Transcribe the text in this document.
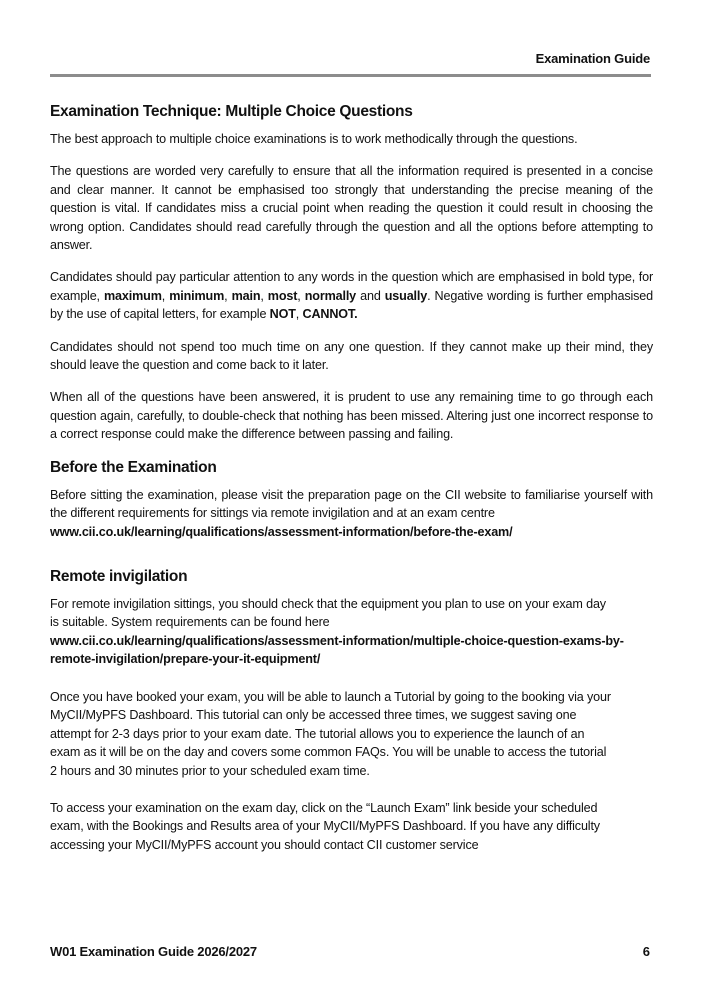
Examination Guide
Examination Technique: Multiple Choice Questions

The best approach to multiple choice examinations is to work methodically through the questions.

The questions are worded very carefully to ensure that all the information required is presented in a concise and clear manner. It cannot be emphasised too strongly that understanding the precise meaning of the question is vital. If candidates miss a crucial point when reading the question it could result in choosing the wrong option. Candidates should read carefully through the question and all the options before attempting to answer.

Candidates should pay particular attention to any words in the question which are emphasised in bold type, for example, maximum, minimum, main, most, normally and usually. Negative wording is further emphasised by the use of capital letters, for example NOT, CANNOT.

Candidates should not spend too much time on any one question. If they cannot make up their mind, they should leave the question and come back to it later.

When all of the questions have been answered, it is prudent to use any remaining time to go through each question again, carefully, to double-check that nothing has been missed. Altering just one incorrect response to a correct response could make the difference between passing and failing.

Before the Examination

Before sitting the examination, please visit the preparation page on the CII website to familiarise yourself with the different requirements for sittings via remote invigilation and at an exam centre
www.cii.co.uk/learning/qualifications/assessment-information/before-the-exam/

Remote invigilation

For remote invigilation sittings, you should check that the equipment you plan to use on your exam day
is suitable. System requirements can be found here
www.cii.co.uk/learning/qualifications/assessment-information/multiple-choice-question-exams-by-
remote-invigilation/prepare-your-it-equipment/

Once you have booked your exam, you will be able to launch a Tutorial by going to the booking via your
MyCII/MyPFS Dashboard. This tutorial can only be accessed three times, we suggest saving one
attempt for 2-3 days prior to your exam date. The tutorial allows you to experience the launch of an
exam as it will be on the day and covers some common FAQs. You will be unable to access the tutorial
2 hours and 30 minutes prior to your scheduled exam time.

To access your examination on the exam day, click on the “Launch Exam” link beside your scheduled
exam, with the Bookings and Results area of your MyCII/MyPFS Dashboard. If you have any difficulty
accessing your MyCII/MyPFS account you should contact CII customer service

W01 Examination Guide 2026/2027	6
